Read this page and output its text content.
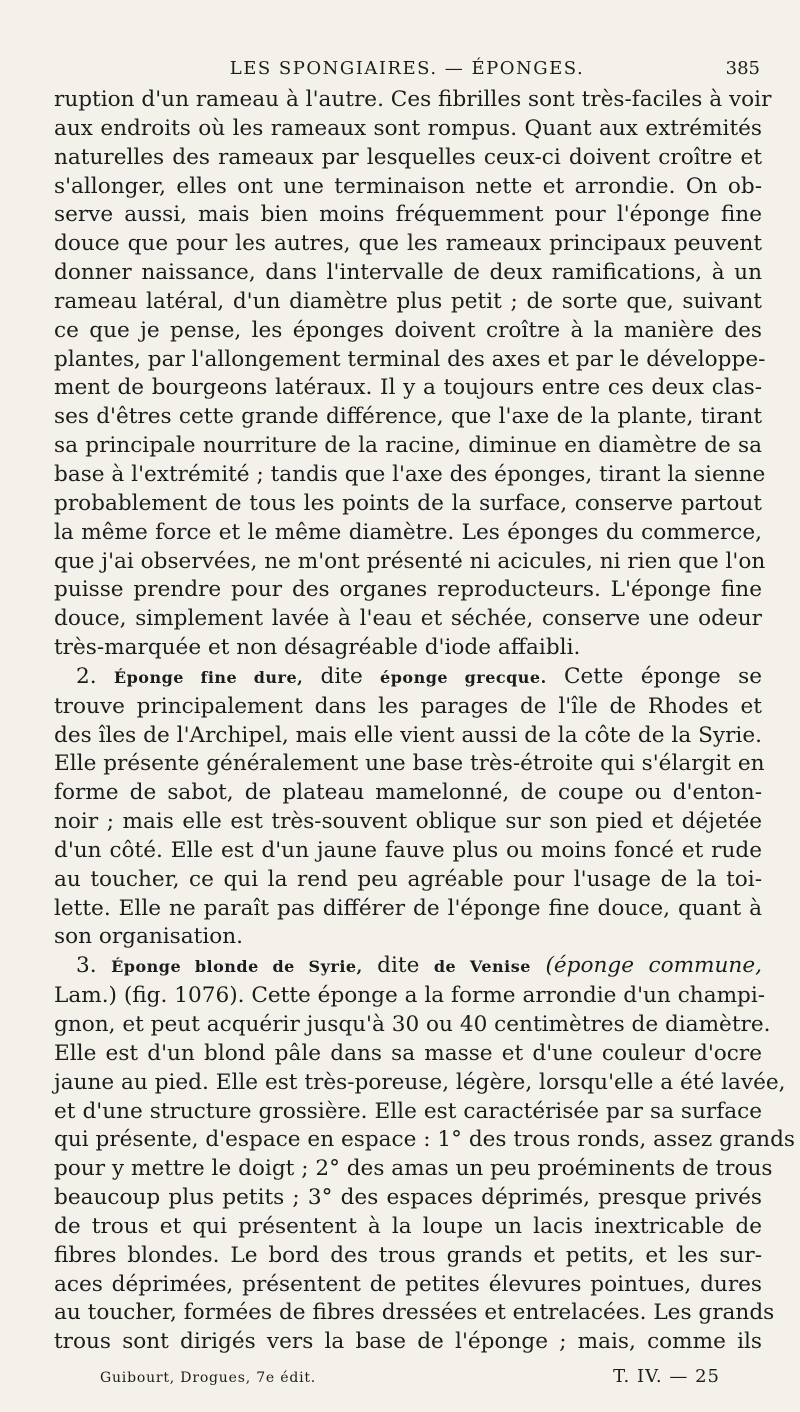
LES SPONGIAIRES. — ÉPONGES.	385

ruption d'un rameau à l'autre. Ces fibrilles sont très-faciles à voir
aux endroits où les rameaux sont rompus. Quant aux extrémités
naturelles des rameaux par lesquelles ceux-ci doivent croître et
s'allonger, elles ont une terminaison nette et arrondie. On ob-
serve aussi, mais bien moins fréquemment pour l'éponge fine
douce que pour les autres, que les rameaux principaux peuvent
donner naissance, dans l'intervalle de deux ramifications, à un
rameau latéral, d'un diamètre plus petit ; de sorte que, suivant
ce que je pense, les éponges doivent croître à la manière des
plantes, par l'allongement terminal des axes et par le développe-
ment de bourgeons latéraux. Il y a toujours entre ces deux clas-
ses d'êtres cette grande différence, que l'axe de la plante, tirant
sa principale nourriture de la racine, diminue en diamètre de sa
base à l'extrémité ; tandis que l'axe des éponges, tirant la sienne
probablement de tous les points de la surface, conserve partout
la même force et le même diamètre. Les éponges du commerce,
que j'ai observées, ne m'ont présenté ni acicules, ni rien que l'on
puisse prendre pour des organes reproducteurs. L'éponge fine
douce, simplement lavée à l'eau et séchée, conserve une odeur
très-marquée et non désagréable d'iode affaibli.

2. Éponge fine dure, dite éponge grecque. Cette éponge se
trouve principalement dans les parages de l'île de Rhodes et
des îles de l'Archipel, mais elle vient aussi de la côte de la Syrie.
Elle présente généralement une base très-étroite qui s'élargit en
forme de sabot, de plateau mamelonné, de coupe ou d'enton-
noir ; mais elle est très-souvent oblique sur son pied et déjetée
d'un côté. Elle est d'un jaune fauve plus ou moins foncé et rude
au toucher, ce qui la rend peu agréable pour l'usage de la toi-
lette. Elle ne paraît pas différer de l'éponge fine douce, quant à
son organisation.

3. Éponge blonde de Syrie, dite de Venise (éponge commune,
Lam.) (fig. 1076). Cette éponge a la forme arrondie d'un champi-
gnon, et peut acquérir jusqu'à 30 ou 40 centimètres de diamètre.
Elle est d'un blond pâle dans sa masse et d'une couleur d'ocre
jaune au pied. Elle est très-poreuse, légère, lorsqu'elle a été lavée,
et d'une structure grossière. Elle est caractérisée par sa surface
qui présente, d'espace en espace : 1° des trous ronds, assez grands
pour y mettre le doigt ; 2° des amas un peu proéminents de trous
beaucoup plus petits ; 3° des espaces déprimés, presque privés
de trous et qui présentent à la loupe un lacis inextricable de
fibres blondes. Le bord des trous grands et petits, et les sur-
aces déprimées, présentent de petites élevures pointues, dures
au toucher, formées de fibres dressées et entrelacées. Les grands
trous sont dirigés vers la base de l'éponge ; mais, comme ils

Guibourt, Drogues, 7e édit.	T. IV. — 25
